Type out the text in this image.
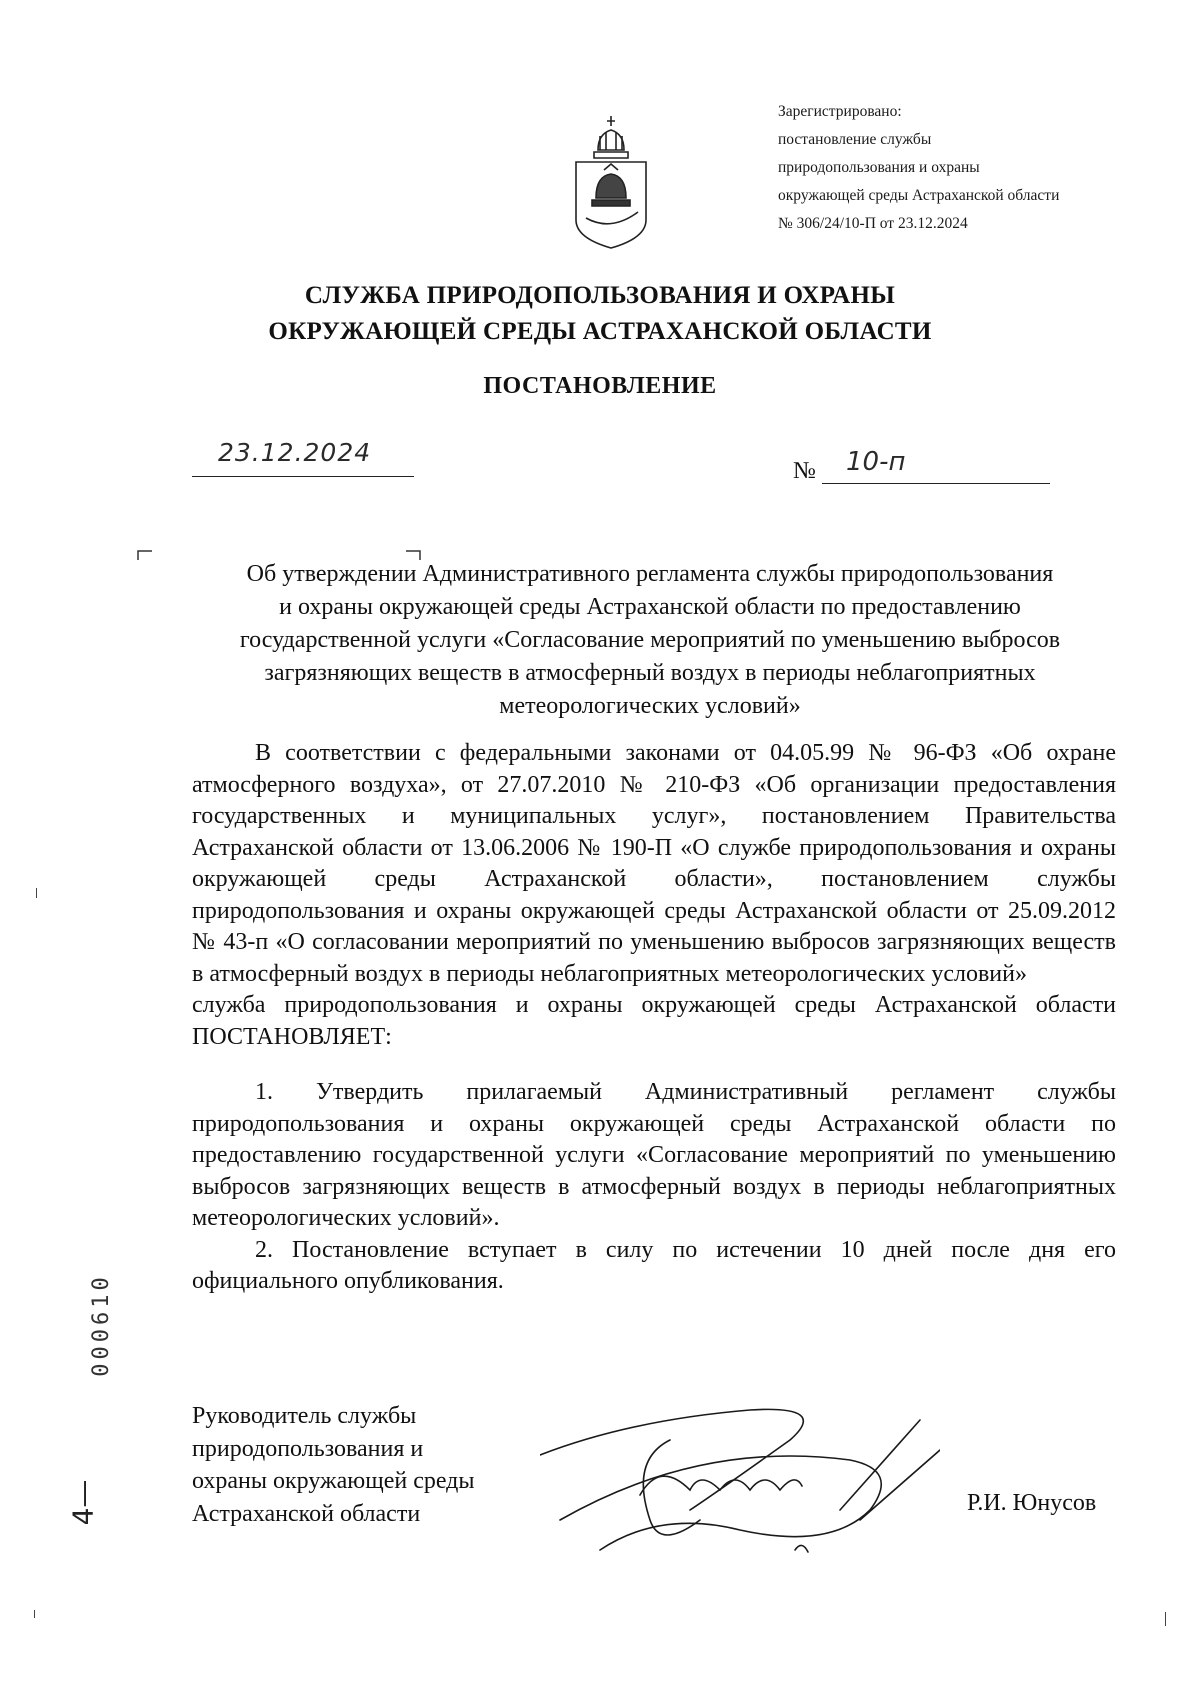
Зарегистрировано:
постановление службы
природопользования и охраны
окружающей среды Астраханской области
№ 306/24/10-П от 23.12.2024
СЛУЖБА ПРИРОДОПОЛЬЗОВАНИЯ И ОХРАНЫ
ОКРУЖАЮЩЕЙ СРЕДЫ АСТРАХАНСКОЙ ОБЛАСТИ
ПОСТАНОВЛЕНИЕ
23.12.2024
№ 10-п
Об утверждении Административного регламента службы природопользования
и охраны окружающей среды Астраханской области по предоставлению
государственной услуги «Согласование мероприятий по уменьшению выбросов
загрязняющих веществ в атмосферный воздух в периоды неблагоприятных
метеорологических условий»

В соответствии с федеральными законами от 04.05.99 № 96-ФЗ «Об охране атмосферного воздуха», от 27.07.2010 № 210-ФЗ «Об организации предоставления государственных и муниципальных услуг», постановлением Правительства Астраханской области от 13.06.2006 № 190-П «О службе природопользования и охраны окружающей среды Астраханской области», постановлением службы природопользования и охраны окружающей среды Астраханской области от 25.09.2012 № 43-п «О согласовании мероприятий по уменьшению выбросов загрязняющих веществ в атмосферный воздух в периоды неблагоприятных метеорологических условий»

служба природопользования и охраны окружающей среды Астраханской области ПОСТАНОВЛЯЕТ:

1. Утвердить прилагаемый Административный регламент службы природопользования и охраны окружающей среды Астраханской области по предоставлению государственной услуги «Согласование мероприятий по уменьшению выбросов загрязняющих веществ в атмосферный воздух в периоды неблагоприятных метеорологических условий».

2. Постановление вступает в силу по истечении 10 дней после дня его официального опубликования.

Руководитель службы
природопользования и
охраны окружающей среды
Астраханской области	Р.И. Юнусов
000610
4—
